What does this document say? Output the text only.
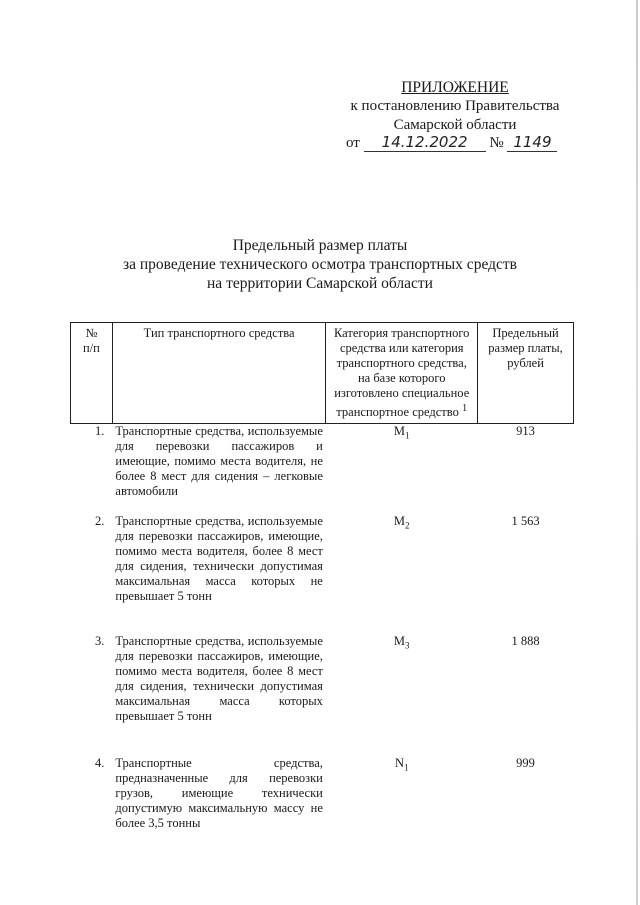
ПРИЛОЖЕНИЕ
к постановлению Правительства
Самарской области
от 14.12.2022 № 1149
Предельный размер платы
за проведение технического осмотра транспортных средств
на территории Самарской области
№
п/п	Тип транспортного средства	Категория транспортного средства или категория транспортного средства, на базе которого изготовлено специальное транспортное средство $^1$	Предельный размер платы, рублей
1.	Транспортные средства, используемые для перевозки пассажиров и имеющие, помимо места водителя, не более 8 мест для сидения – легковые автомобили	$M_1$	913
2.	Транспортные средства, используемые для перевозки пассажиров, имеющие, помимо места водителя, более 8 мест для сидения, технически допустимая максимальная масса которых не превышает 5 тонн	$M_2$	1 563
3.	Транспортные средства, используемые для перевозки пассажиров, имеющие, помимо места водителя, более 8 мест для сидения, технически допустимая максимальная масса которых превышает 5 тонн	$M_3$	1 888
4.	Транспортные средства, предназначенные для перевозки грузов, имеющие технически допустимую максимальную массу не более 3,5 тонны	$N_1$	999
